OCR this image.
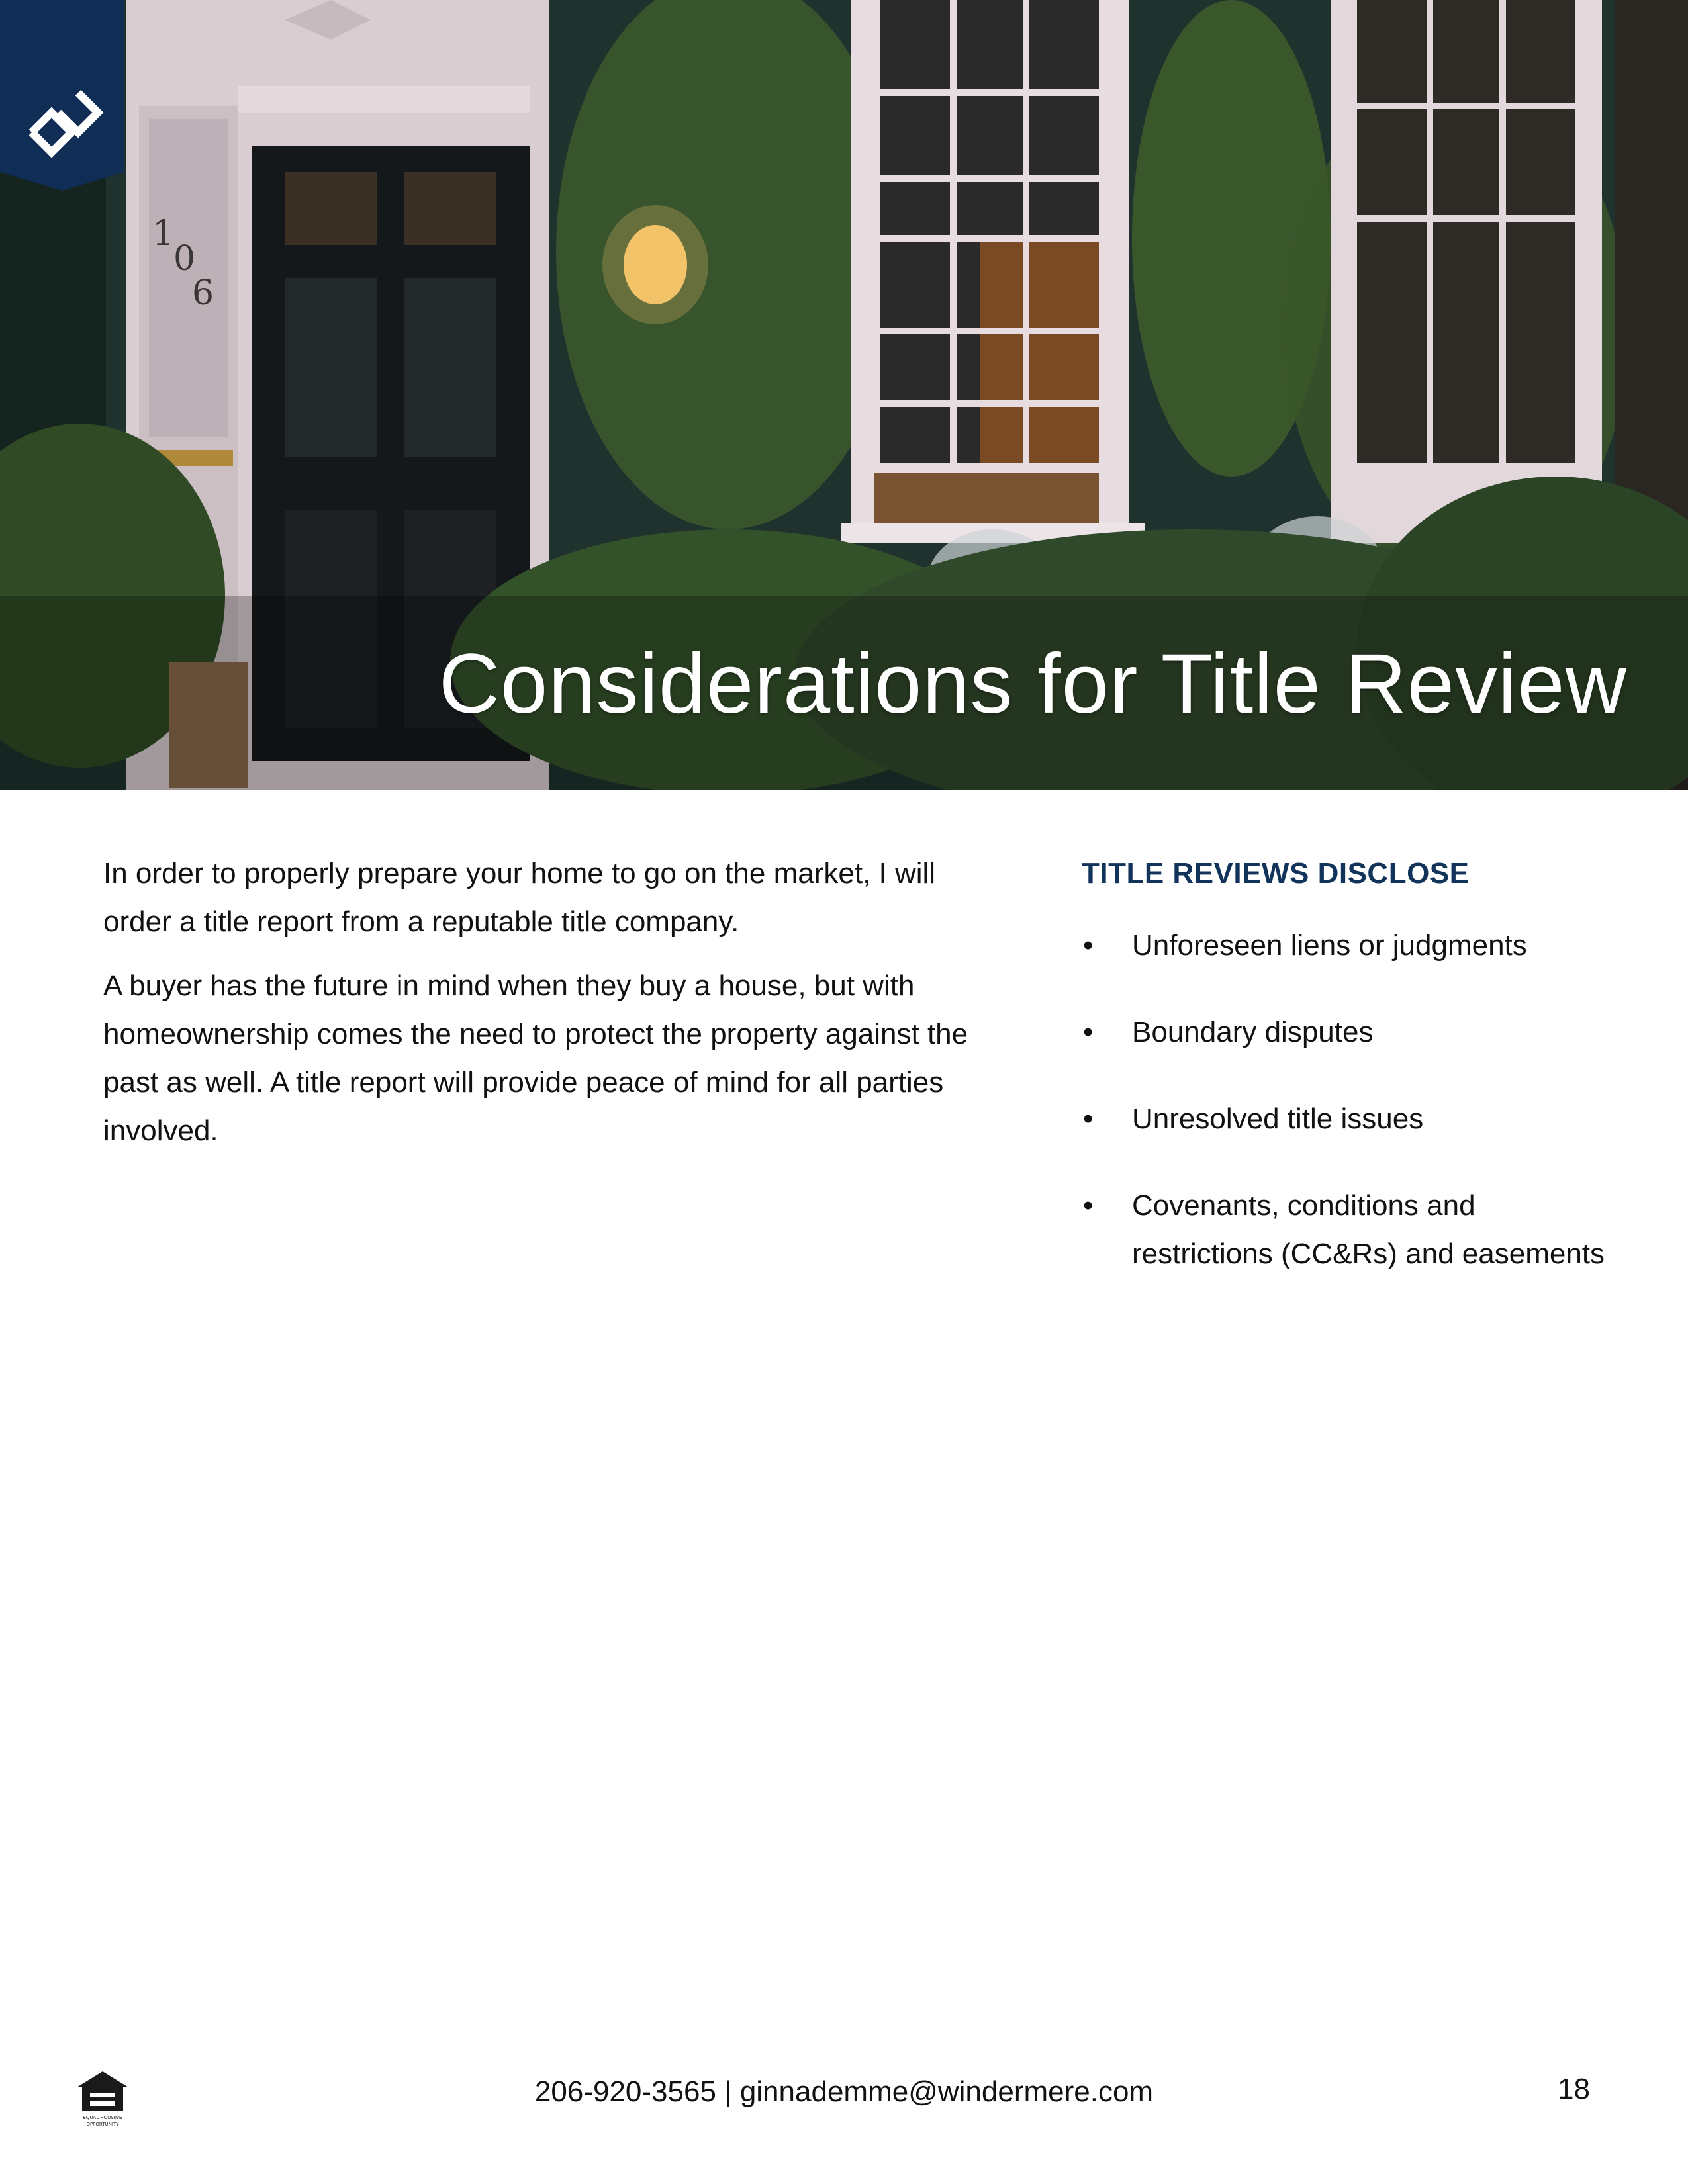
1
0
6
Considerations for Title Review

In order to properly prepare your home to go on the market, I will order a title report from a reputable title company.

A buyer has the future in mind when they buy a house, but with homeownership comes the need to protect the property against the past as well. A title report will provide peace of mind for all parties involved.

TITLE REVIEWS DISCLOSE
• Unforeseen liens or judgments
• Boundary disputes
• Unresolved title issues
• Covenants, conditions and restrictions (CC&Rs) and easements
EQUAL HOUSING
OPPORTUNITY
206-920-3565 | ginnademme@windermere.com	18
